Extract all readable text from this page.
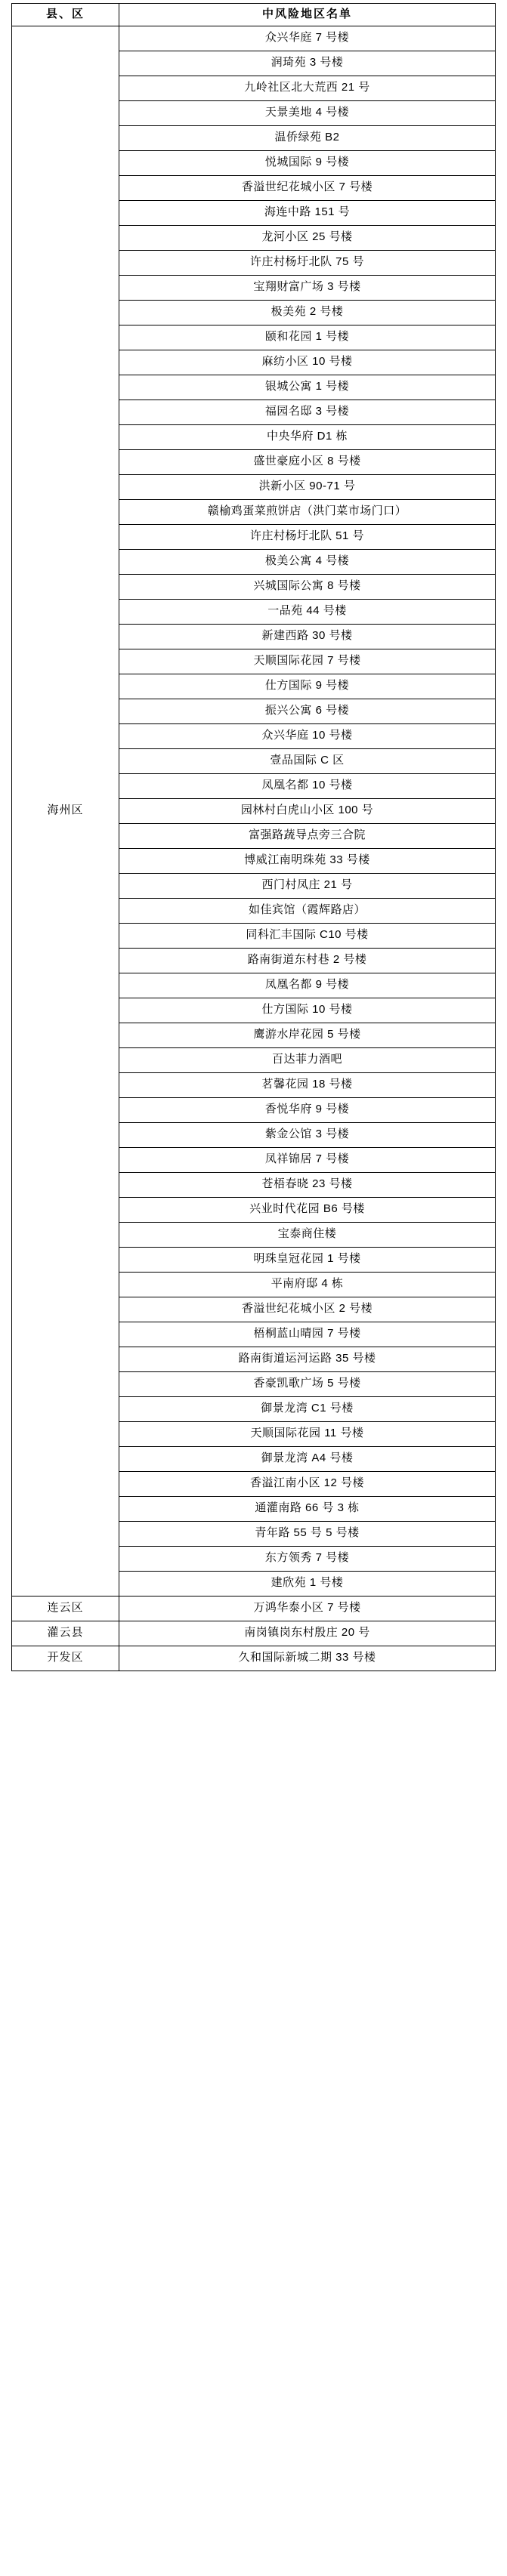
县、区	中风险地区名单
海州区	众兴华庭 7 号楼
	润琦苑 3 号楼
	九岭社区北大荒西 21 号
	天景美地 4 号楼
	温侨绿苑 B2
	悦城国际 9 号楼
	香溢世纪花城小区 7 号楼
	海连中路 151 号
	龙河小区 25 号楼
	许庄村杨圩北队 75 号
	宝翔财富广场 3 号楼
	极美苑 2 号楼
	颐和花园 1 号楼
	麻纺小区 10 号楼
	银城公寓 1 号楼
	福园名邸 3 号楼
	中央华府 D1 栋
	盛世豪庭小区 8 号楼
	洪新小区 90-71 号
	赣榆鸡蛋菜煎饼店（洪门菜市场门口）
	许庄村杨圩北队 51 号
	极美公寓 4 号楼
	兴城国际公寓 8 号楼
	一品苑 44 号楼
	新建西路 30 号楼
	天顺国际花园 7 号楼
	仕方国际 9 号楼
	振兴公寓 6 号楼
	众兴华庭 10 号楼
	壹品国际 C 区
	凤凰名都 10 号楼
	园林村白虎山小区 100 号
	富强路蔬导点旁三合院
	博威江南明珠苑 33 号楼
	西门村凤庄 21 号
	如佳宾馆（霞辉路店）
	同科汇丰国际 C10 号楼
	路南街道东村巷 2 号楼
	凤凰名都 9 号楼
	仕方国际 10 号楼
	鹰游水岸花园 5 号楼
	百达菲力酒吧
	茗馨花园 18 号楼
	香悦华府 9 号楼
	紫金公馆 3 号楼
	凤祥锦居 7 号楼
	苍梧春晓 23 号楼
	兴业时代花园 B6 号楼
	宝泰商住楼
	明珠皇冠花园 1 号楼
	平南府邸 4 栋
	香溢世纪花城小区 2 号楼
	梧桐蓝山晴园 7 号楼
	路南街道运河运路 35 号楼
	香豪凯歌广场 5 号楼
	御景龙湾 C1 号楼
	天顺国际花园 11 号楼
	御景龙湾 A4 号楼
	香溢江南小区 12 号楼
	通灌南路 66 号 3 栋
	青年路 55 号 5 号楼
	东方领秀 7 号楼
	建欣苑 1 号楼
连云区	万鸿华泰小区 7 号楼
灌云县	南岗镇岗东村殷庄 20 号
开发区	久和国际新城二期 33 号楼
